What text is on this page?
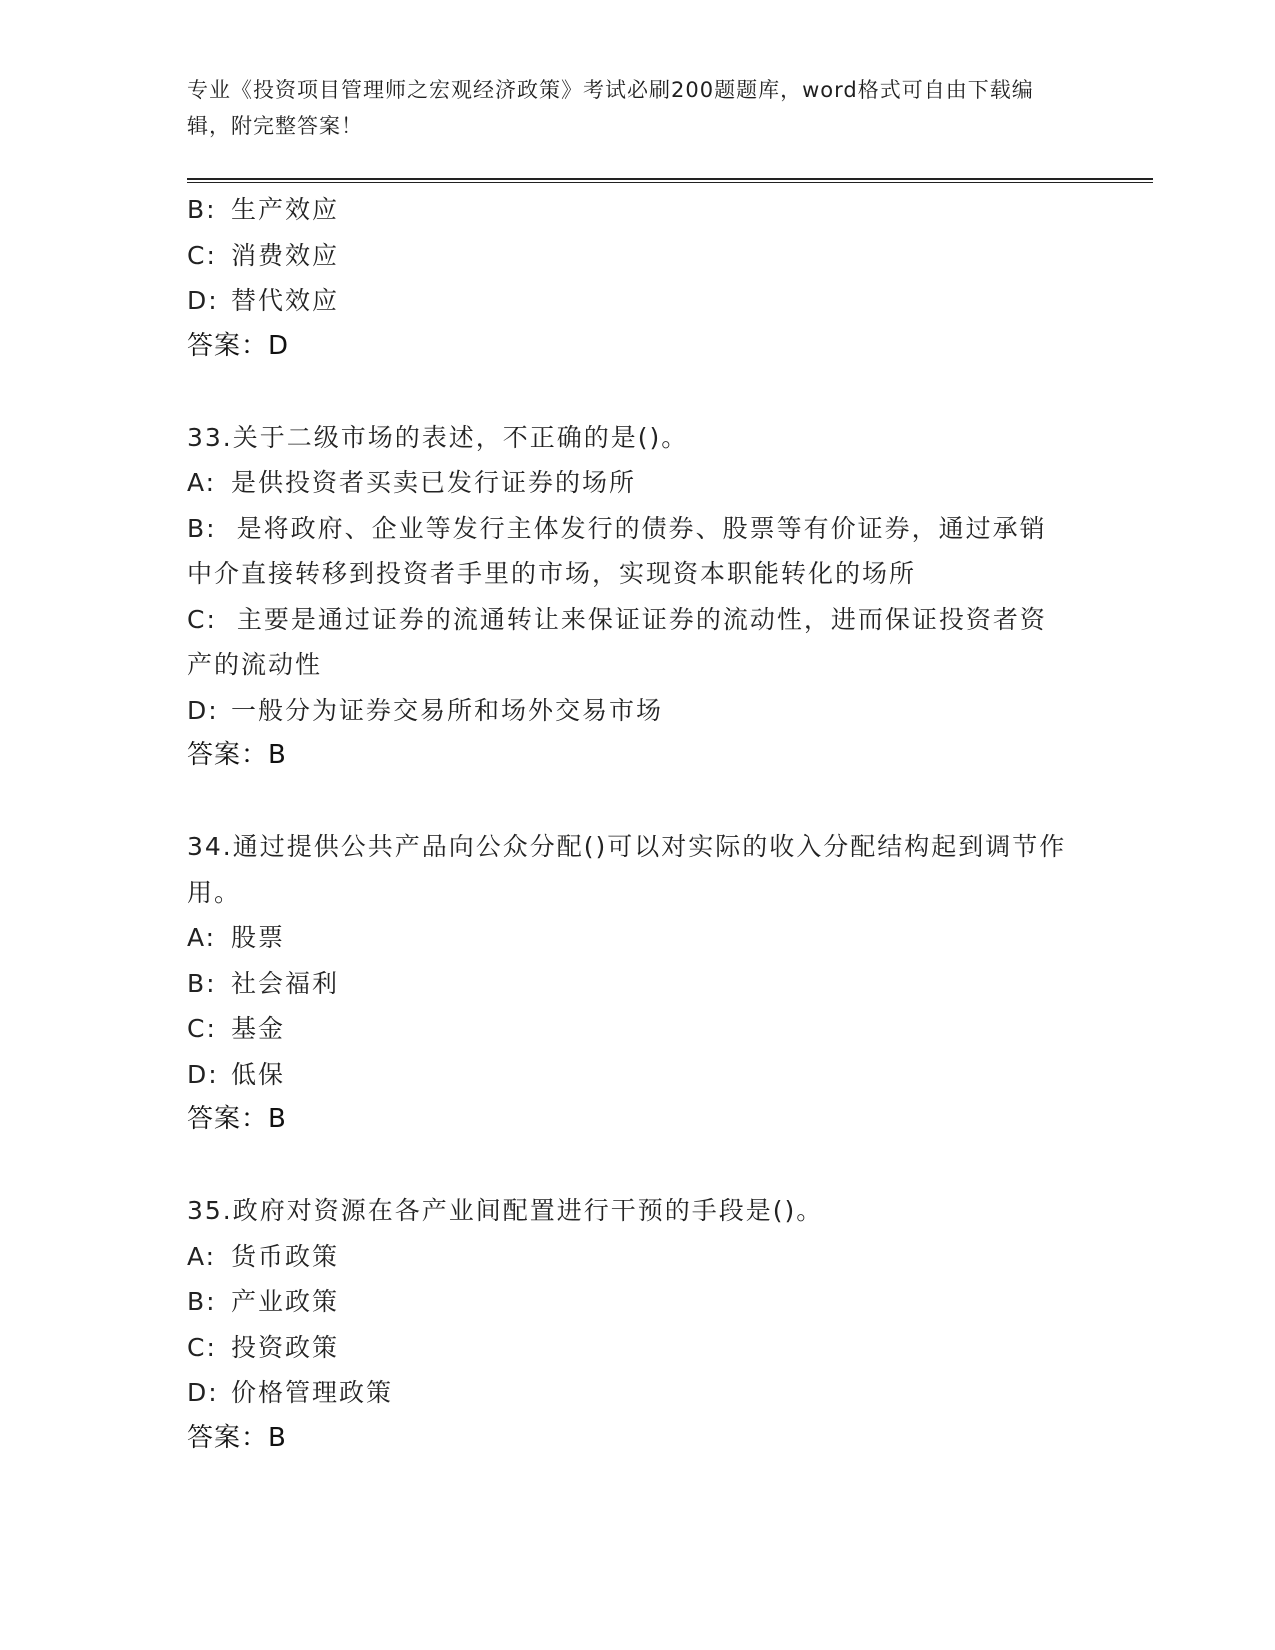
专业《投资项目管理师之宏观经济政策》考试必刷200题题库，word格式可自由下载编辑，附完整答案！
B: 生产效应
C: 消费效应
D: 替代效应
答案：D
33.关于二级市场的表述，不正确的是()。
A: 是供投资者买卖已发行证券的场所
B: 是将政府、企业等发行主体发行的债券、股票等有价证券，通过承销中介直接转移到投资者手里的市场，实现资本职能转化的场所
C: 主要是通过证券的流通转让来保证证券的流动性，进而保证投资者资产的流动性
D: 一般分为证券交易所和场外交易市场
答案：B
34.通过提供公共产品向公众分配()可以对实际的收入分配结构起到调节作用。
A: 股票
B: 社会福利
C: 基金
D: 低保
答案：B
35.政府对资源在各产业间配置进行干预的手段是()。
A: 货币政策
B: 产业政策
C: 投资政策
D: 价格管理政策
答案：B
